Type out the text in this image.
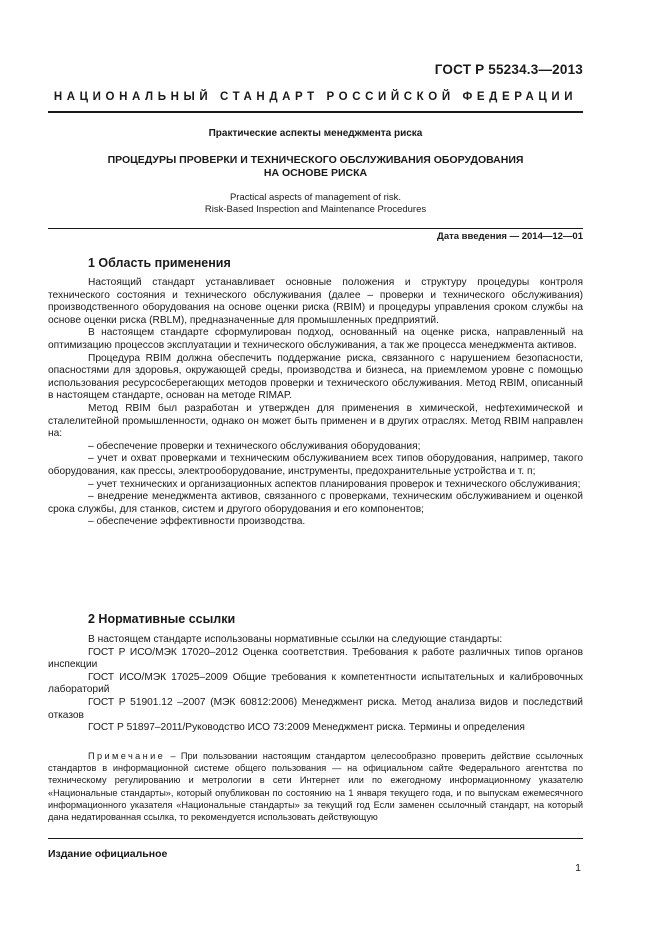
ГОСТ Р 55234.3—2013
НАЦИОНАЛЬНЫЙ СТАНДАРТ РОССИЙСКОЙ ФЕДЕРАЦИИ
Практические аспекты менеджмента риска
ПРОЦЕДУРЫ ПРОВЕРКИ И ТЕХНИЧЕСКОГО ОБСЛУЖИВАНИЯ ОБОРУДОВАНИЯ
НА ОСНОВЕ РИСКА
Practical aspects of management of risk.
Risk-Based Inspection and Maintenance Procedures
Дата введения — 2014—12—01
1 Область применения

Настоящий стандарт устанавливает основные положения и структуру процедуры контроля технического состояния и технического обслуживания (далее – проверки и технического обслуживания) производственного оборудования на основе оценки риска (RBIM) и процедуры управления сроком службы на основе оценки риска (RBLM), предназначенные для промышленных предприятий.

В настоящем стандарте сформулирован подход, основанный на оценке риска, направленный на оптимизацию процессов эксплуатации и технического обслуживания, а так же процесса менеджмента активов.

Процедура RBIM должна обеспечить поддержание риска, связанного с нарушением безопасности, опасностями для здоровья, окружающей среды, производства и бизнеса, на приемлемом уровне с помощью использования ресурсосберегающих методов проверки и технического обслуживания. Метод RBIM, описанный в настоящем стандарте, основан на методе RIMAP.

Метод RBIM был разработан и утвержден для применения в химической, нефтехимической и сталелитейной промышленности, однако он может быть применен и в других отраслях. Метод RBIM направлен на:

– обеспечение проверки и технического обслуживания оборудования;

– учет и охват проверками и техническим обслуживанием всех типов оборудования, например, такого оборудования, как прессы, электрооборудование, инструменты, предохранительные устройства и т. п;

– учет технических и организационных аспектов планирования проверок и технического обслуживания;

– внедрение менеджмента активов, связанного с проверками, техническим обслуживанием и оценкой срока службы, для станков, систем и другого оборудования и его компонентов;

– обеспечение эффективности производства.

2 Нормативные ссылки

В настоящем стандарте использованы нормативные ссылки на следующие стандарты:

ГОСТ Р ИСО/МЭК 17020–2012 Оценка соответствия. Требования к работе различных типов органов инспекции

ГОСТ ИСО/МЭК 17025–2009 Общие требования к компетентности испытательных и калибровочных лабораторий

ГОСТ Р 51901.12 –2007 (МЭК 60812:2006) Менеджмент риска. Метод анализа видов и последствий отказов

ГОСТ Р 51897–2011/Руководство ИСО 73:2009 Менеджмент риска. Термины и определения

Примечание – При пользовании настоящим стандартом целесообразно проверить действие ссылочных стандартов в информационной системе общего пользования — на официальном сайте Федерального агентства по техническому регулированию и метрологии в сети Интернет или по ежегодному информационному указателю «Национальные стандарты», который опубликован по состоянию на 1 января текущего года, и по выпускам ежемесячного информационного указателя «Национальные стандарты» за текущий год Если заменен ссылочный стандарт, на который дана недатированная ссылка, то рекомендуется использовать действующую

Издание официальное
1
